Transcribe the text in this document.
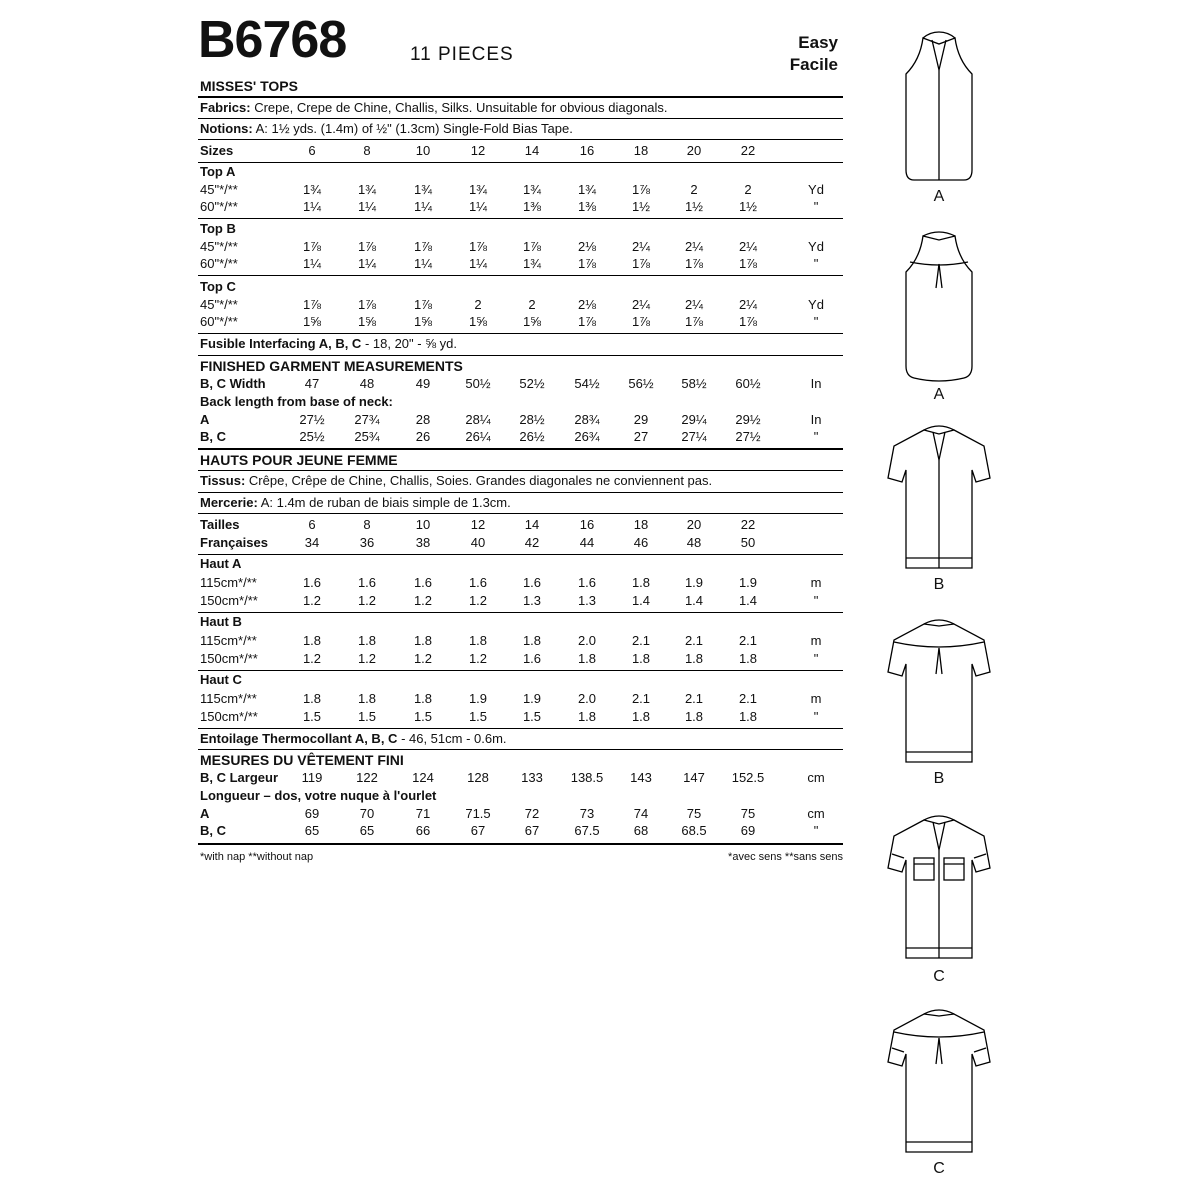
B6768	11 PIECES
Easy
Facile
MISSES' TOPS
Fabrics: Crepe, Crepe de Chine, Challis, Silks. Unsuitable for obvious diagonals.
Notions: A: 1½ yds. (1.4m) of ½" (1.3cm) Single-Fold Bias Tape.
Sizes	6	8	10	12	14	16	18	20	22
Top A
45"*/**	1¾	1¾	1¾	1¾	1¾	1¾	1⅞	2	2	Yd
60"*/**	1¼	1¼	1¼	1¼	1⅜	1⅜	1½	1½	1½	"
Top B
45"*/**	1⅞	1⅞	1⅞	1⅞	1⅞	2⅛	2¼	2¼	2¼	Yd
60"*/**	1¼	1¼	1¼	1¼	1¾	1⅞	1⅞	1⅞	1⅞	"
Top C
45"*/**	1⅞	1⅞	1⅞	2	2	2⅛	2¼	2¼	2¼	Yd
60"*/**	1⅝	1⅝	1⅝	1⅝	1⅝	1⅞	1⅞	1⅞	1⅞	"
Fusible Interfacing A, B, C - 18, 20" - ⅝ yd.
FINISHED GARMENT MEASUREMENTS
B, C Width	47	48	49	50½	52½	54½	56½	58½	60½	In
Back length from base of neck:
A	27½	27¾	28	28¼	28½	28¾	29	29¼	29½	In
B, C	25½	25¾	26	26¼	26½	26¾	27	27¼	27½	"
HAUTS POUR JEUNE FEMME
Tissus: Crêpe, Crêpe de Chine, Challis, Soies. Grandes diagonales ne conviennent pas.
Mercerie: A: 1.4m de ruban de biais simple de 1.3cm.
Tailles	6	8	10	12	14	16	18	20	22
Françaises	34	36	38	40	42	44	46	48	50
Haut A
115cm*/**	1.6	1.6	1.6	1.6	1.6	1.6	1.8	1.9	1.9	m
150cm*/**	1.2	1.2	1.2	1.2	1.3	1.3	1.4	1.4	1.4	"
Haut B
115cm*/**	1.8	1.8	1.8	1.8	1.8	2.0	2.1	2.1	2.1	m
150cm*/**	1.2	1.2	1.2	1.2	1.6	1.8	1.8	1.8	1.8	"
Haut C
115cm*/**	1.8	1.8	1.8	1.9	1.9	2.0	2.1	2.1	2.1	m
150cm*/**	1.5	1.5	1.5	1.5	1.5	1.8	1.8	1.8	1.8	"
Entoilage Thermocollant A, B, C - 46, 51cm - 0.6m.
MESURES DU VÊTEMENT FINI
B, C Largeur	119	122	124	128	133	138.5	143	147	152.5	cm
Longueur – dos, votre nuque à l'ourlet
A	69	70	71	71.5	72	73	74	75	75	cm
B, C	65	65	66	67	67	67.5	68	68.5	69	"
*with nap **without nap	*avec sens **sans sens
A
A
B
B
C
C
